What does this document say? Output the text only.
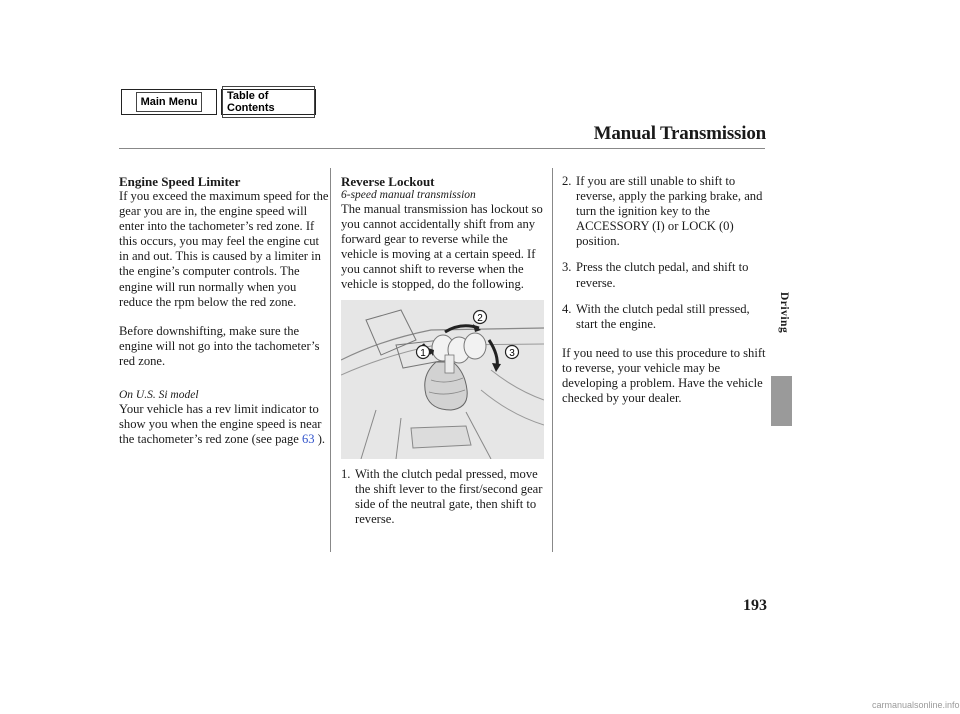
Main Menu	Table of Contents
Manual Transmission
Driving
Engine Speed Limiter

If you exceed the maximum speed for the gear you are in, the engine speed will enter into the tachometer’s red zone. If this occurs, you may feel the engine cut in and out. This is caused by a limiter in the engine’s computer controls. The engine will run normally when you reduce the rpm below the red zone.

Before downshifting, make sure the engine will not go into the tachometer’s red zone.

On U.S. Si model

Your vehicle has a rev limit indicator to show you when the engine speed is near the tachometer’s red zone (see page 63 ).

Reverse Lockout
6-speed manual transmission

The manual transmission has lockout so you cannot accidentally shift from any forward gear to reverse while the vehicle is moving at a certain speed. If you cannot shift to reverse when the vehicle is stopped, do the following.

1
2
3
1. With the clutch pedal pressed, move the shift lever to the first/second gear side of the neutral gate, then shift to reverse.
2. If you are still unable to shift to reverse, apply the parking brake, and turn the ignition key to the ACCESSORY (I) or LOCK (0) position.
3. Press the clutch pedal, and shift to reverse.
4. With the clutch pedal still pressed, start the engine.

If you need to use this procedure to shift to reverse, your vehicle may be developing a problem. Have the vehicle checked by your dealer.

193
carmanualsonline.info
